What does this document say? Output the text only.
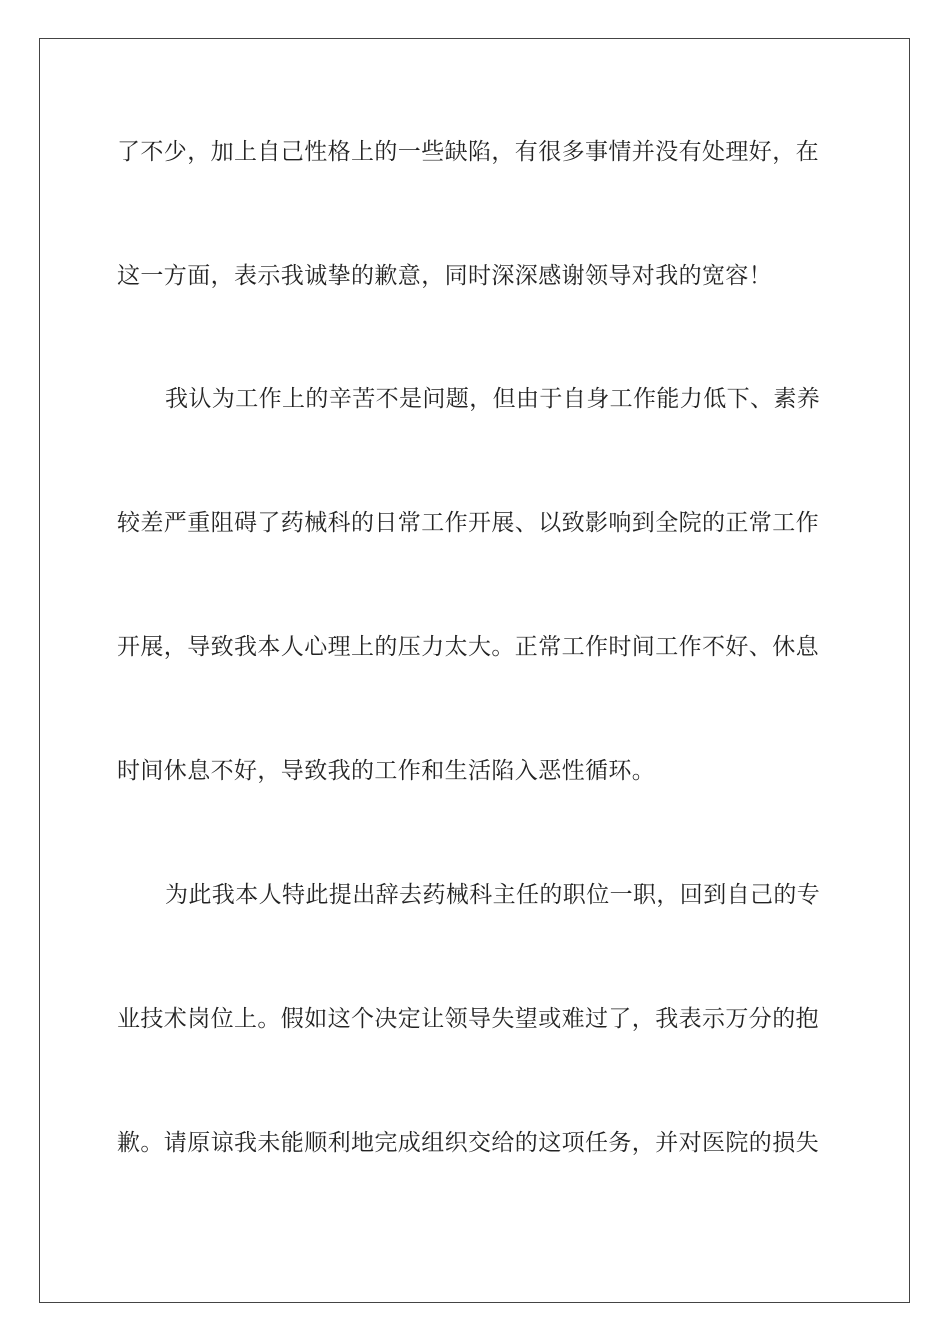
了不少，加上自己性格上的一些缺陷，有很多事情并没有处理好，在

这一方面，表示我诚挚的歉意，同时深深感谢领导对我的宽容！

我认为工作上的辛苦不是问题，但由于自身工作能力低下、素养

较差严重阻碍了药械科的日常工作开展、以致影响到全院的正常工作

开展，导致我本人心理上的压力太大。正常工作时间工作不好、休息

时间休息不好，导致我的工作和生活陷入恶性循环。

为此我本人特此提出辞去药械科主任的职位一职，回到自己的专

业技术岗位上。假如这个决定让领导失望或难过了，我表示万分的抱

歉。请原谅我未能顺利地完成组织交给的这项任务，并对医院的损失
